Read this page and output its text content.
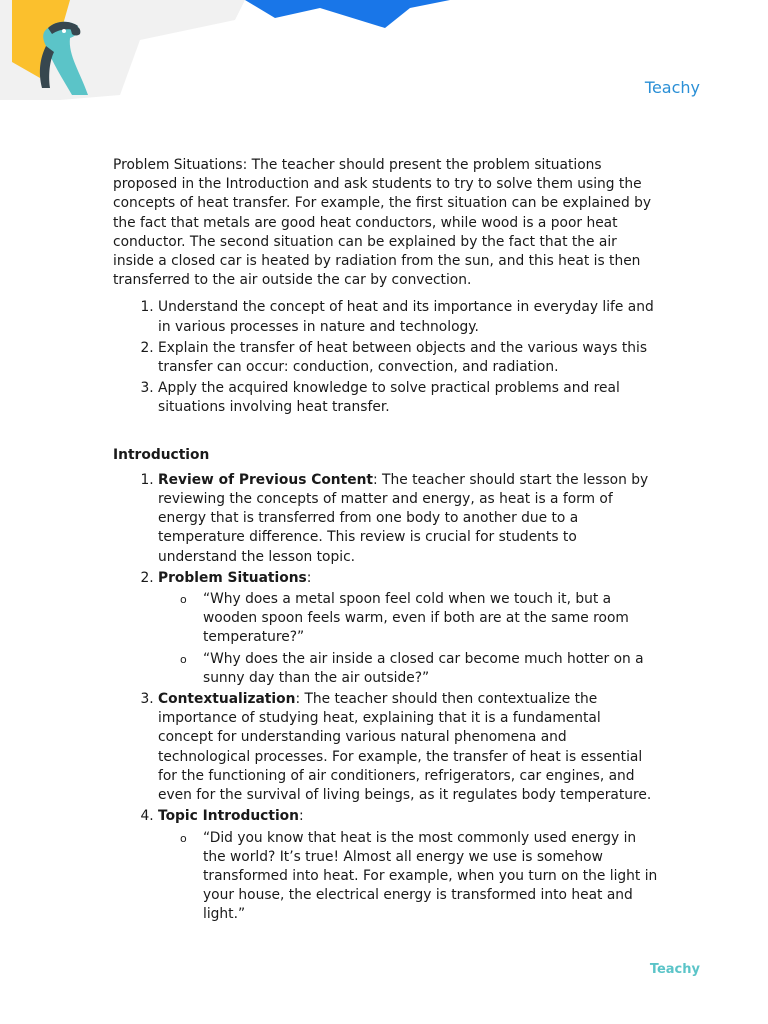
Teachy

Problem Situations: The teacher should present the problem situations proposed in the Introduction and ask students to try to solve them using the concepts of heat transfer. For example, the first situation can be explained by the fact that metals are good heat conductors, while wood is a poor heat conductor. The second situation can be explained by the fact that the air inside a closed car is heated by radiation from the sun, and this heat is then transferred to the air outside the car by convection.

1. Understand the concept of heat and its importance in everyday life and in various processes in nature and technology.
2. Explain the transfer of heat between objects and the various ways this transfer can occur: conduction, convection, and radiation.
3. Apply the acquired knowledge to solve practical problems and real situations involving heat transfer.
Introduction
1. Review of Previous Content: The teacher should start the lesson by reviewing the concepts of matter and energy, as heat is a form of energy that is transferred from one body to another due to a temperature difference. This review is crucial for students to understand the lesson topic.
2. Problem Situations:
o “Why does a metal spoon feel cold when we touch it, but a wooden spoon feels warm, even if both are at the same room temperature?”
o “Why does the air inside a closed car become much hotter on a sunny day than the air outside?”
3. Contextualization: The teacher should then contextualize the importance of studying heat, explaining that it is a fundamental concept for understanding various natural phenomena and technological processes. For example, the transfer of heat is essential for the functioning of air conditioners, refrigerators, car engines, and even for the survival of living beings, as it regulates body temperature.
4. Topic Introduction:
o “Did you know that heat is the most commonly used energy in the world? It’s true! Almost all energy we use is somehow transformed into heat. For example, when you turn on the light in your house, the electrical energy is transformed into heat and light.”
Teachy
